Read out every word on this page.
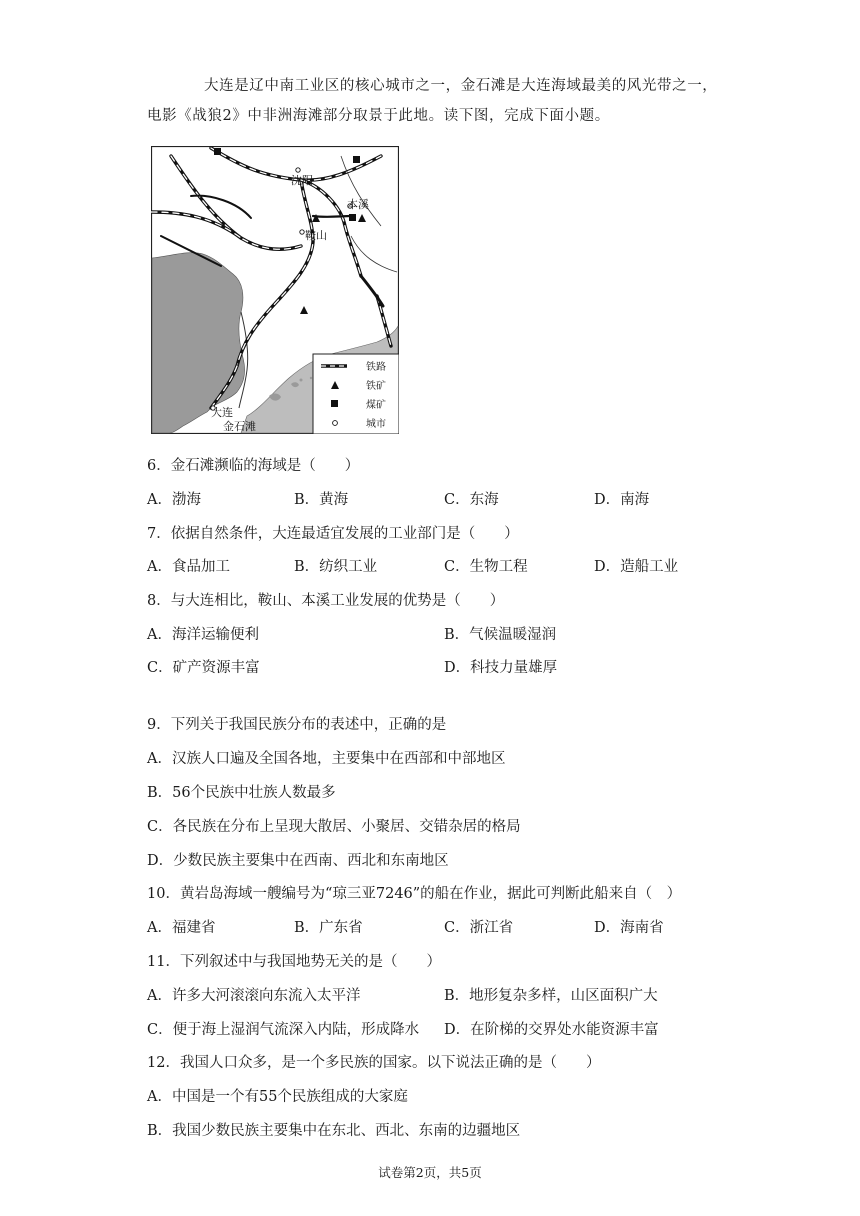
大连是辽中南工业区的核心城市之一，金石滩是大连海域最美的风光带之一，
电影《战狼2》中非洲海滩部分取景于此地。读下图，完成下面小题。
沈阳
本溪
鞍山
大连
金石滩
铁路
铁矿
煤矿
城市
6．金石滩濒临的海域是（　　）
A．渤海	B．黄海	C．东海	D．南海
7．依据自然条件，大连最适宜发展的工业部门是（　　）
A．食品加工	B．纺织工业	C．生物工程	D．造船工业
8．与大连相比，鞍山、本溪工业发展的优势是（　　）
A．海洋运输便利	B．气候温暖湿润
C．矿产资源丰富	D．科技力量雄厚
9．下列关于我国民族分布的表述中，正确的是
A．汉族人口遍及全国各地，主要集中在西部和中部地区
B．56个民族中壮族人数最多
C．各民族在分布上呈现大散居、小聚居、交错杂居的格局
D．少数民族主要集中在西南、西北和东南地区
10．黄岩岛海域一艘编号为“琼三亚7246”的船在作业，据此可判断此船来自（　）
A．福建省	B．广东省	C．浙江省	D．海南省
11．下列叙述中与我国地势无关的是（　　）
A．许多大河滚滚向东流入太平洋	B．地形复杂多样，山区面积广大
C．便于海上湿润气流深入内陆，形成降水 D．在阶梯的交界处水能资源丰富
12．我国人口众多，是一个多民族的国家。以下说法正确的是（　　）
A．中国是一个有55个民族组成的大家庭
B．我国少数民族主要集中在东北、西北、东南的边疆地区
试卷第2页，共5页
